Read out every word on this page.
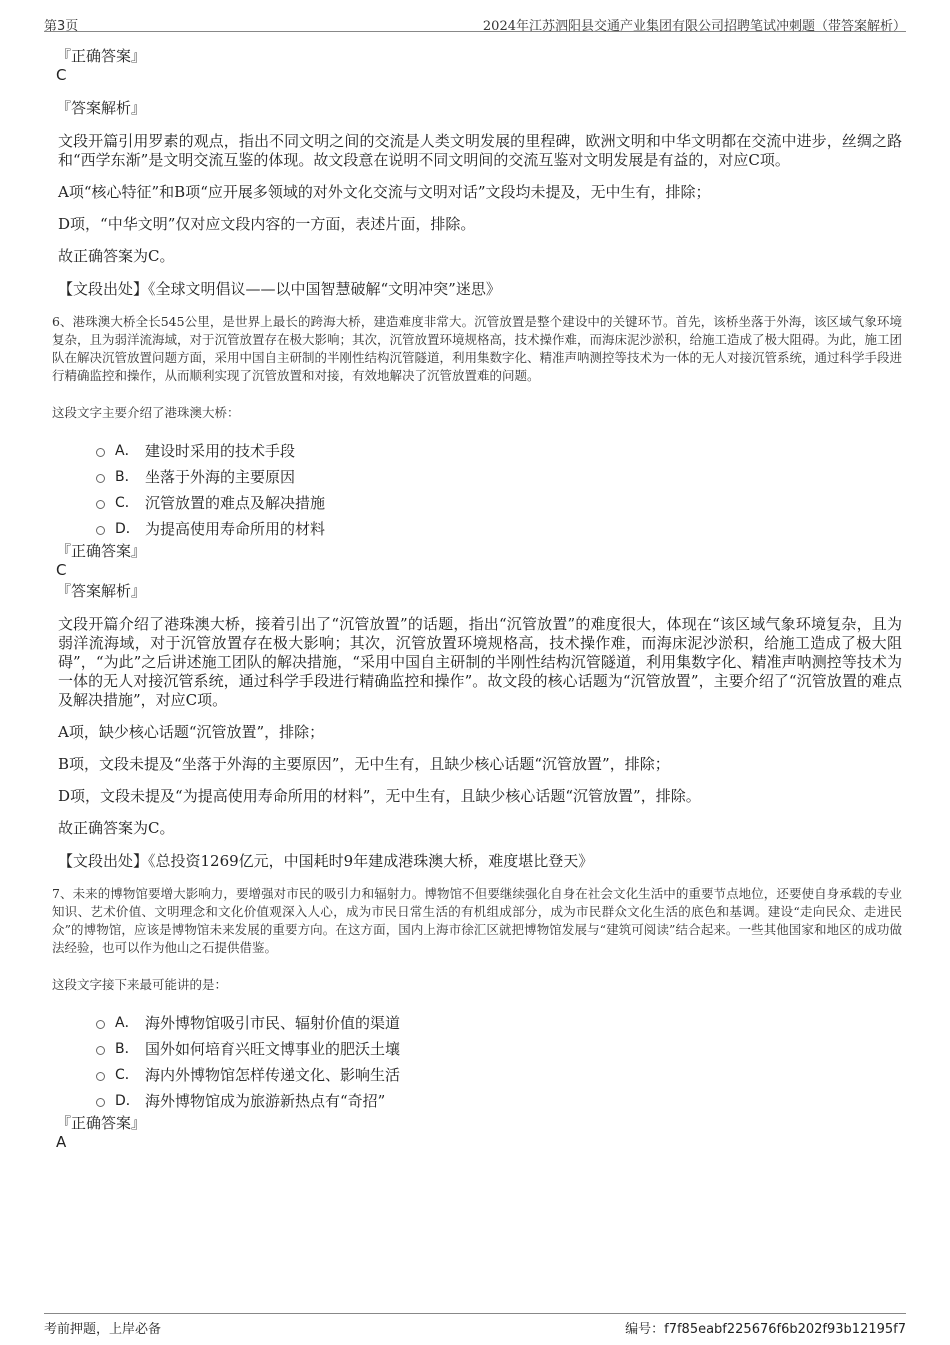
第3页	2024年江苏泗阳县交通产业集团有限公司招聘笔试冲刺题（带答案解析）
『正确答案』
C
『答案解析』

文段开篇引用罗素的观点，指出不同文明之间的交流是人类文明发展的里程碑，欧洲文明和中华文明都在交流中进步，丝绸之路和“西学东渐”是文明交流互鉴的体现。故文段意在说明不同文明间的交流互鉴对文明发展是有益的，对应C项。

A项“核心特征”和B项“应开展多领域的对外文化交流与文明对话”文段均未提及，无中生有，排除；

D项，“中华文明”仅对应文段内容的一方面，表述片面，排除。

故正确答案为C。

【文段出处】《全球文明倡议——以中国智慧破解“文明冲突”迷思》

6、港珠澳大桥全长545公里，是世界上最长的跨海大桥，建造难度非常大。沉管放置是整个建设中的关键环节。首先，该桥坐落于外海，该区域气象环境复杂，且为弱洋流海域，对于沉管放置存在极大影响；其次，沉管放置环境规格高，技术操作难，而海床泥沙淤积，给施工造成了极大阻碍。为此，施工团队在解决沉管放置问题方面，采用中国自主研制的半刚性结构沉管隧道，利用集数字化、精准声呐测控等技术为一体的无人对接沉管系统，通过科学手段进行精确监控和操作，从而顺利实现了沉管放置和对接，有效地解决了沉管放置难的问题。

这段文字主要介绍了港珠澳大桥：
A． 建设时采用的技术手段
B． 坐落于外海的主要原因
C． 沉管放置的难点及解决措施
D． 为提高使用寿命所用的材料
『正确答案』
C
『答案解析』

文段开篇介绍了港珠澳大桥，接着引出了“沉管放置”的话题，指出“沉管放置”的难度很大，体现在“该区域气象环境复杂，且为弱洋流海域，对于沉管放置存在极大影响；其次，沉管放置环境规格高，技术操作难，而海床泥沙淤积，给施工造成了极大阻碍”，“为此”之后讲述施工团队的解决措施，“采用中国自主研制的半刚性结构沉管隧道，利用集数字化、精准声呐测控等技术为一体的无人对接沉管系统，通过科学手段进行精确监控和操作”。故文段的核心话题为“沉管放置”，主要介绍了“沉管放置的难点及解决措施”，对应C项。

A项，缺少核心话题“沉管放置”，排除；

B项，文段未提及“坐落于外海的主要原因”，无中生有，且缺少核心话题“沉管放置”，排除；

D项，文段未提及“为提高使用寿命所用的材料”，无中生有，且缺少核心话题“沉管放置”，排除。

故正确答案为C。

【文段出处】《总投资1269亿元，中国耗时9年建成港珠澳大桥，难度堪比登天》

7、未来的博物馆要增大影响力，要增强对市民的吸引力和辐射力。博物馆不但要继续强化自身在社会文化生活中的重要节点地位，还要使自身承载的专业知识、艺术价值、文明理念和文化价值观深入人心，成为市民日常生活的有机组成部分，成为市民群众文化生活的底色和基调。建设“走向民众、走进民众”的博物馆，应该是博物馆未来发展的重要方向。在这方面，国内上海市徐汇区就把博物馆发展与“建筑可阅读”结合起来。一些其他国家和地区的成功做法经验，也可以作为他山之石提供借鉴。

这段文字接下来最可能讲的是：
A． 海外博物馆吸引市民、辐射价值的渠道
B． 国外如何培育兴旺文博事业的肥沃土壤
C． 海内外博物馆怎样传递文化、影响生活
D． 海外博物馆成为旅游新热点有“奇招”
『正确答案』
A
考前押题，上岸必备	编号：f7f85eabf225676f6b202f93b12195f7
